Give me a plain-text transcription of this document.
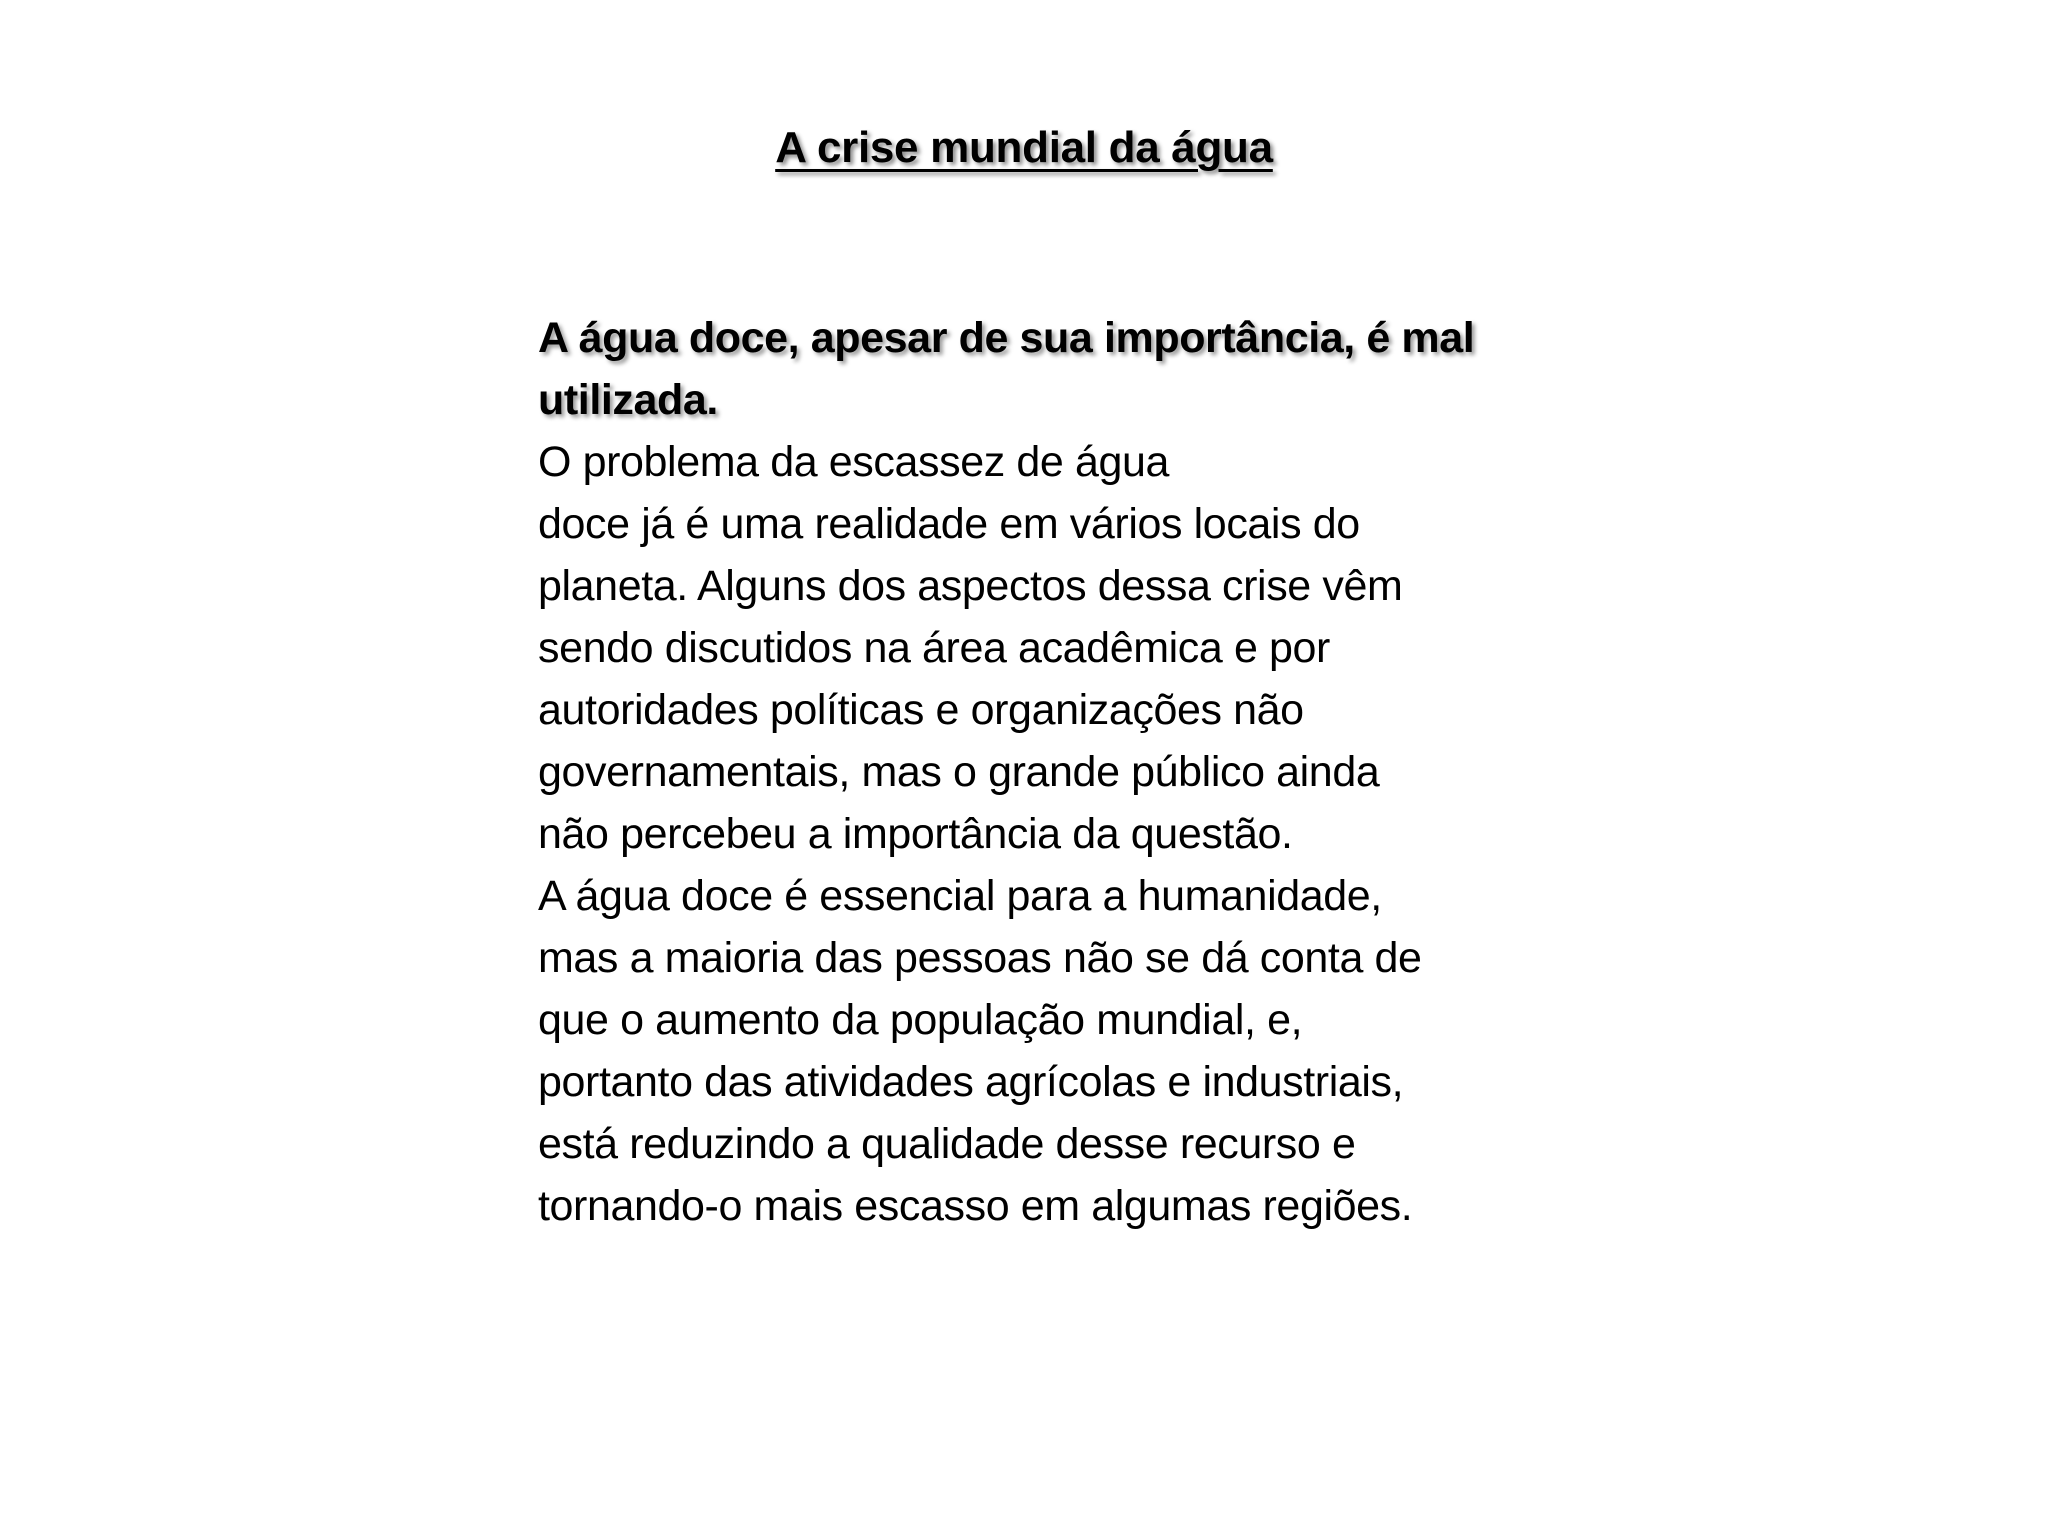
A crise mundial da água
A água doce, apesar de sua importância, é mal
utilizada.
O problema da escassez de água
doce já é uma realidade em vários locais do
planeta. Alguns dos aspectos dessa crise vêm
sendo discutidos na área acadêmica e por
autoridades políticas e organizações não
governamentais, mas o grande público ainda
não percebeu a importância da questão.
A água doce é essencial para a humanidade,
mas a maioria das pessoas não se dá conta de
que o aumento da população mundial, e,
portanto das atividades agrícolas e industriais,
está reduzindo a qualidade desse recurso e
tornando-o mais escasso em algumas regiões.
